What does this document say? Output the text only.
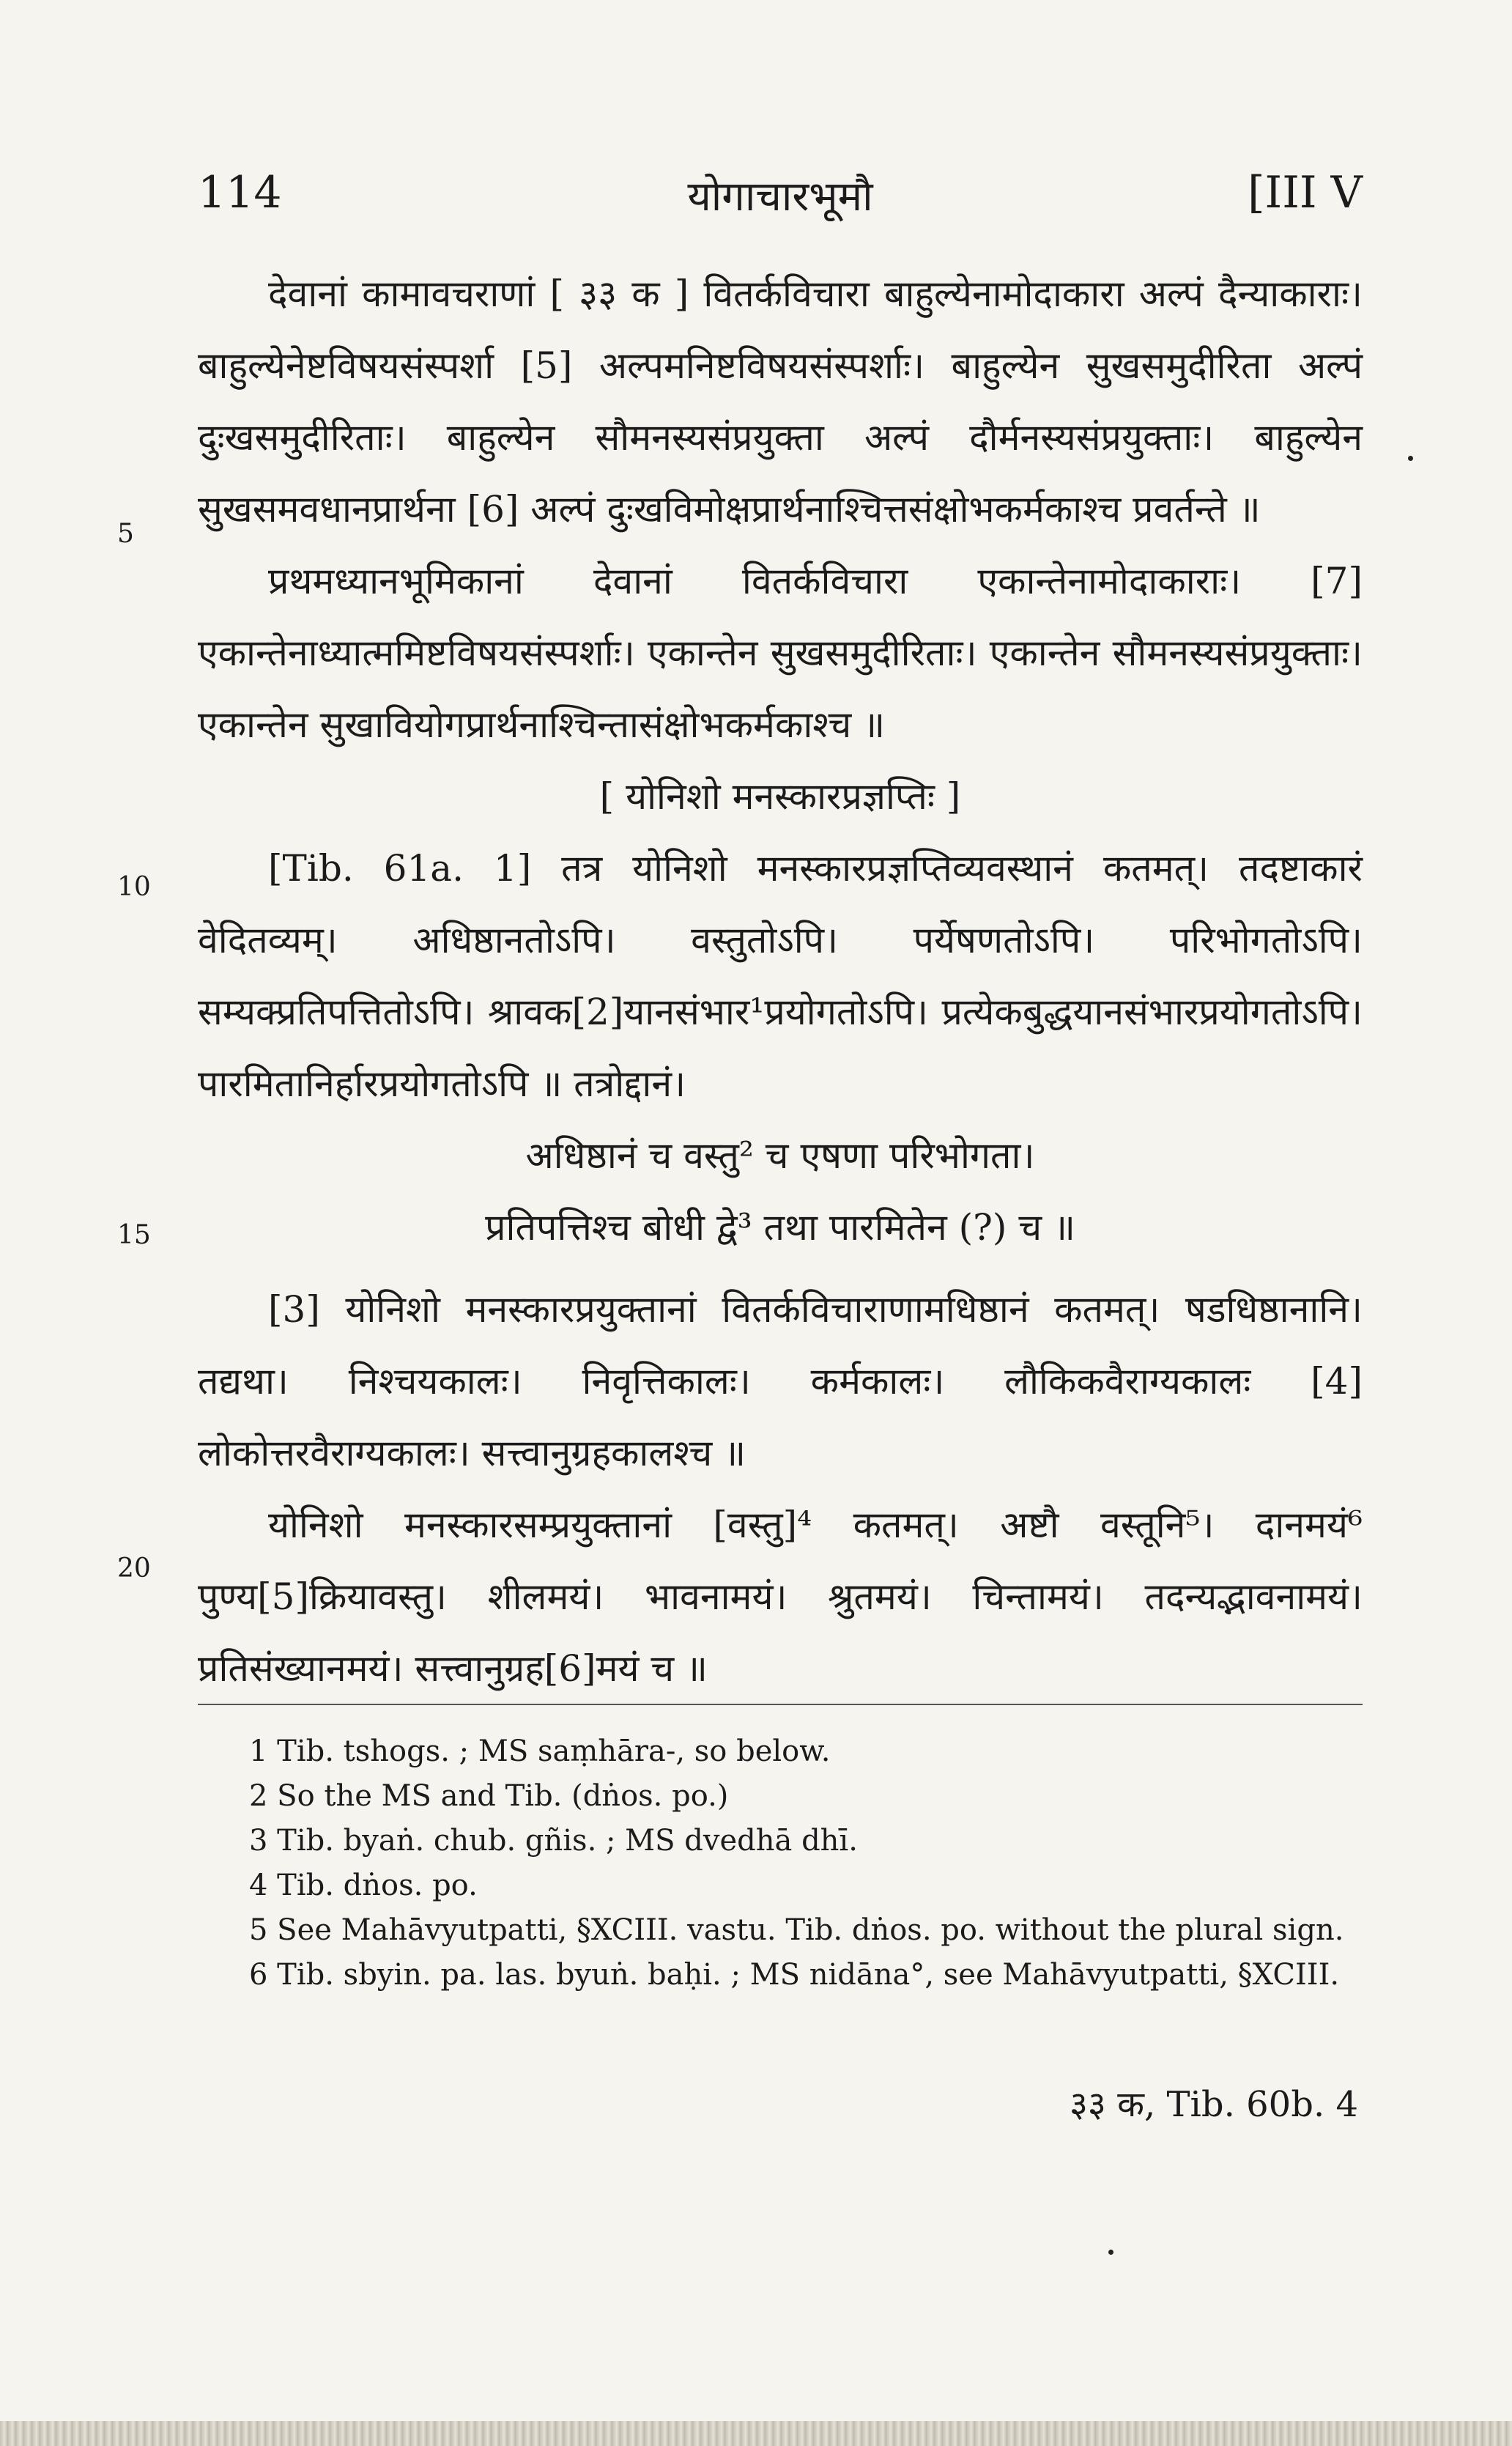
114	योगाचारभूमौ	[III V
5
10
15
20

देवानां कामावचराणां [ ३३ क ] वितर्कविचारा बाहुल्येनामोदाकारा अल्पं दैन्याकाराः। बाहुल्येनेष्टविषयसंस्पर्शा [5] अल्पमनिष्टविषयसंस्पर्शाः। बाहुल्येन सुखसमुदीरिता अल्पं दुःखसमुदीरिताः। बाहुल्येन सौमनस्यसंप्रयुक्ता अल्पं दौर्मनस्यसंप्रयुक्ताः। बाहुल्येन सुखसमवधानप्रार्थना [6] अल्पं दुःखविमोक्षप्रार्थनाश्चित्तसंक्षोभकर्मकाश्च प्रवर्तन्ते ॥

प्रथमध्यानभूमिकानां देवानां वितर्कविचारा एकान्तेनामोदाकाराः। [7] एकान्तेनाध्यात्ममिष्टविषयसंस्पर्शाः। एकान्तेन सुखसमुदीरिताः। एकान्तेन सौमनस्यसंप्रयुक्ताः। एकान्तेन सुखावियोगप्रार्थनाश्चिन्तासंक्षोभकर्मकाश्च ॥

[ योनिशो मनस्कारप्रज्ञप्तिः ]

[Tib. 61a. 1] तत्र योनिशो मनस्कारप्रज्ञप्तिव्यवस्थानं कतमत्। तदष्टाकारं वेदितव्यम्। अधिष्ठानतोऽपि। वस्तुतोऽपि। पर्येषणतोऽपि। परिभोगतोऽपि। सम्यक्प्रतिपत्तितोऽपि। श्रावक[2]यानसंभार¹प्रयोगतोऽपि। प्रत्येकबुद्धयानसंभारप्रयोगतोऽपि। पारमितानिर्हारप्रयोगतोऽपि ॥ तत्रोद्दानं।

अधिष्ठानं च वस्तु² च एषणा परिभोगता।

प्रतिपत्तिश्च बोधी द्वे³ तथा पारमितेन (?) च ॥

[3] योनिशो मनस्कारप्रयुक्तानां वितर्कविचाराणामधिष्ठानं कतमत्। षडधिष्ठानानि। तद्यथा। निश्चयकालः। निवृत्तिकालः। कर्मकालः। लौकिकवैराग्यकालः [4] लोकोत्तरवैराग्यकालः। सत्त्वानुग्रहकालश्च ॥

योनिशो मनस्कारसम्प्रयुक्तानां [वस्तु]⁴ कतमत्। अष्टौ वस्तूनि⁵। दानमयं⁶ पुण्य[5]क्रियावस्तु। शीलमयं। भावनामयं। श्रुतमयं। चिन्तामयं। तदन्यद्भावनामयं। प्रतिसंख्यानमयं। सत्त्वानुग्रह[6]मयं च ॥

1 Tib. tshogs. ; MS saṃhāra-, so below.

2 So the MS and Tib. (dṅos. po.)

3 Tib. byaṅ. chub. gñis. ; MS dvedhā dhī.

4 Tib. dṅos. po.

5 See Mahāvyutpatti, §XCIII. vastu. Tib. dṅos. po. without the plural sign.

6 Tib. sbyin. pa. las. byuṅ. baḥi. ; MS nidāna°, see Mahāvyutpatti, §XCIII.

३३ क, Tib. 60b. 4
